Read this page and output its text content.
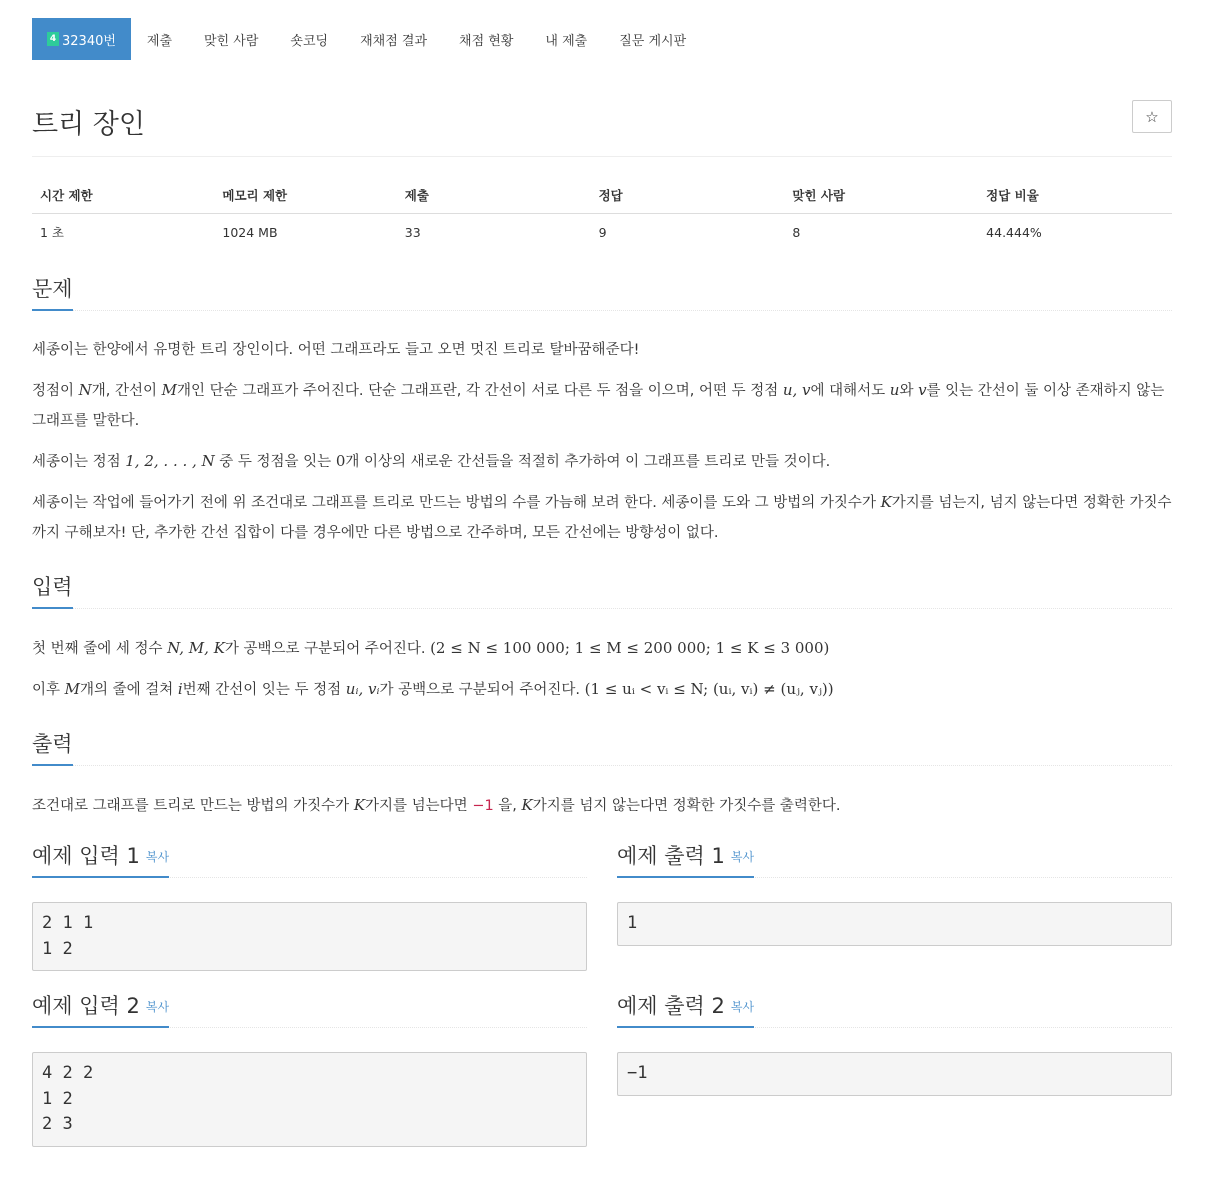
4 32340번	제출	맞힌 사람	숏코딩	재채점 결과	채점 현황	내 제출	질문 게시판
트리 장인	☆
시간 제한	메모리 제한	제출	정답	맞힌 사람	정답 비율
1 초	1024 MB	33	9	8	44.444%
문제

세종이는 한양에서 유명한 트리 장인이다. 어떤 그래프라도 들고 오면 멋진 트리로 탈바꿈해준다!

정점이 N개, 간선이 M개인 단순 그래프가 주어진다. 단순 그래프란, 각 간선이 서로 다른 두 점을 이으며, 어떤 두 정점 u, v에 대해서도 u와 v를 잇는 간선이 둘 이상 존재하지 않는 그래프를 말한다.

세종이는 정점 1, 2, . . . , N 중 두 정점을 잇는 0개 이상의 새로운 간선들을 적절히 추가하여 이 그래프를 트리로 만들 것이다.

세종이는 작업에 들어가기 전에 위 조건대로 그래프를 트리로 만드는 방법의 수를 가늠해 보려 한다. 세종이를 도와 그 방법의 가짓수가 K가지를 넘는지, 넘지 않는다면 정확한 가짓수까지 구해보자! 단, 추가한 간선 집합이 다를 경우에만 다른 방법으로 간주하며, 모든 간선에는 방향성이 없다.

입력

첫 번째 줄에 세 정수 N, M, K가 공백으로 구분되어 주어진다. (2 ≤ N ≤ 100 000; 1 ≤ M ≤ 200 000; 1 ≤ K ≤ 3 000)

이후 M개의 줄에 걸쳐 i번째 간선이 잇는 두 정점 uᵢ, vᵢ가 공백으로 구분되어 주어진다. (1 ≤ uᵢ < vᵢ ≤ N; (uᵢ, vᵢ) ≠ (uⱼ, vⱼ))

출력

조건대로 그래프를 트리로 만드는 방법의 가짓수가 K가지를 넘는다면 −1 을, K가지를 넘지 않는다면 정확한 가짓수를 출력한다.

예제 입력 1 복사
2 1 1
1 2
예제 출력 1 복사
1
예제 입력 2 복사
4 2 2
1 2
2 3
예제 출력 2 복사
−1
